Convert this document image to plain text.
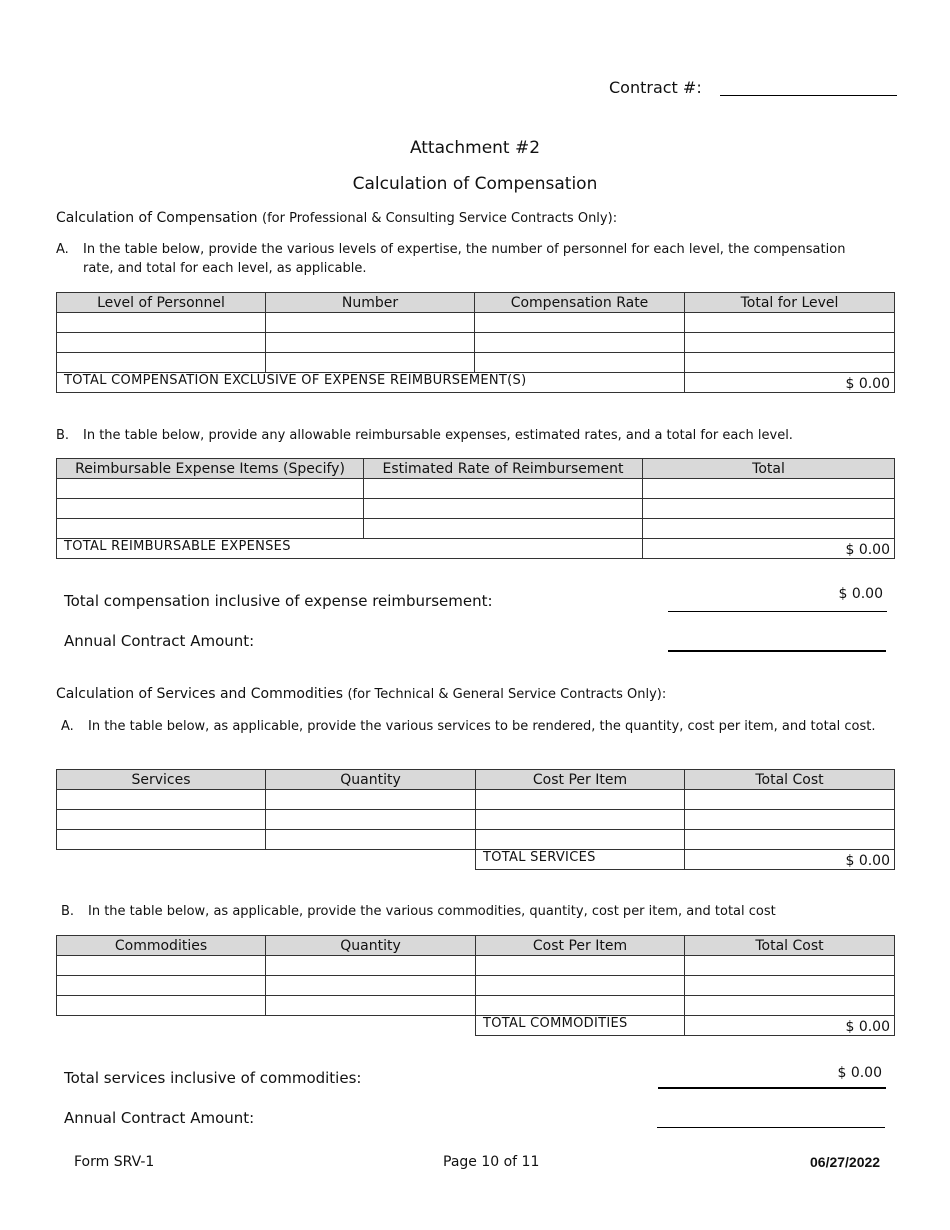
Contract #:
Attachment #2
Calculation of Compensation
Calculation of Compensation (for Professional & Consulting Service Contracts Only):
A. In the table below, provide the various levels of expertise, the number of personnel for each level, the compensation rate, and total for each level, as applicable.
Level of Personnel	Number	Compensation Rate	Total for Level

TOTAL COMPENSATION EXCLUSIVE OF EXPENSE REIMBURSEMENT(S)			$ 0.00
B. In the table below, provide any allowable reimbursable expenses, estimated rates, and a total for each level.
Reimbursable Expense Items (Specify)	Estimated Rate of Reimbursement	Total

TOTAL REIMBURSABLE EXPENSES		$ 0.00
Total compensation inclusive of expense reimbursement:	$ 0.00
Annual Contract Amount:
Calculation of Services and Commodities (for Technical & General Service Contracts Only):
A. In the table below, as applicable, provide the various services to be rendered, the quantity, cost per item, and total cost.
Services	Quantity	Cost Per Item	Total Cost

		TOTAL SERVICES	$ 0.00
B. In the table below, as applicable, provide the various commodities, quantity, cost per item, and total cost
Commodities	Quantity	Cost Per Item	Total Cost

		TOTAL COMMODITIES	$ 0.00
Total services inclusive of commodities:	$ 0.00
Annual Contract Amount:
Form SRV-1	Page 10 of 11	06/27/2022
